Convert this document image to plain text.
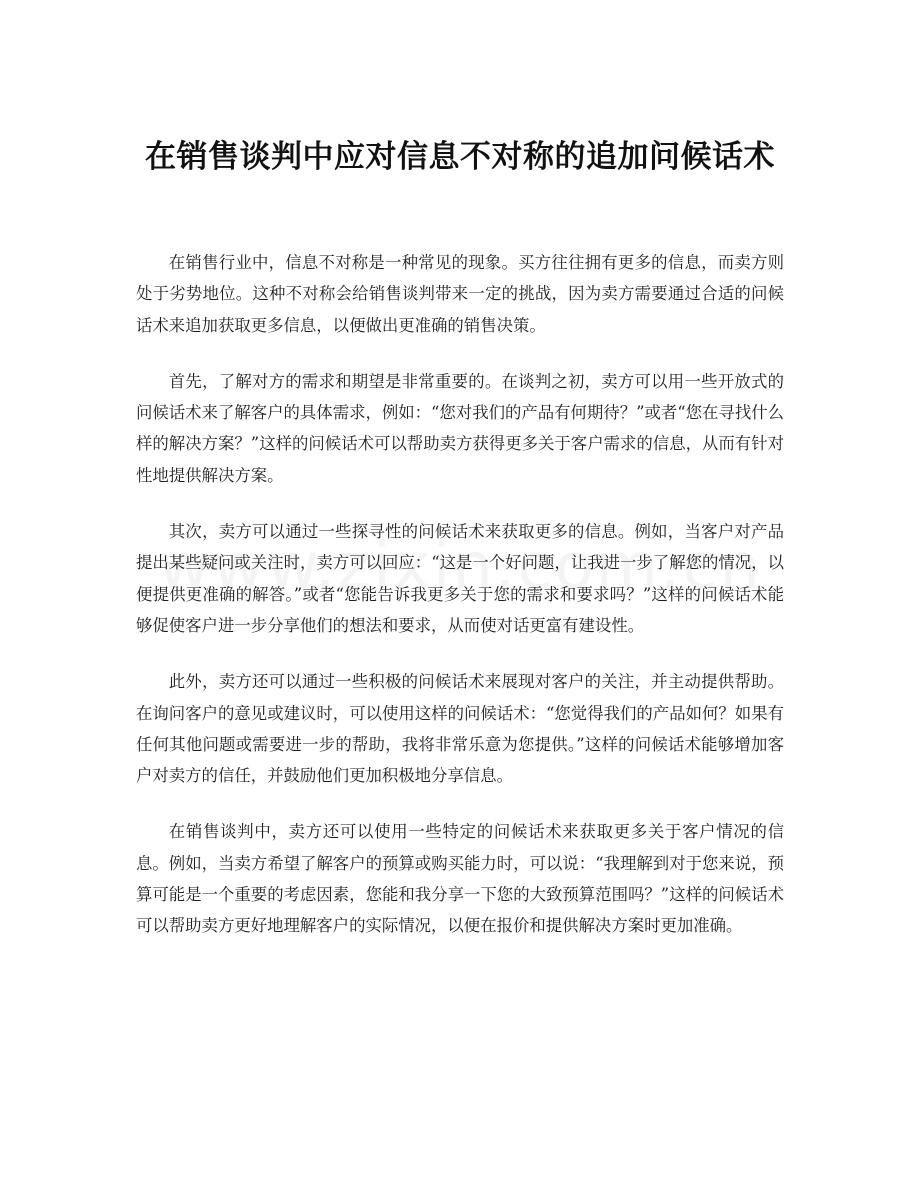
在销售谈判中应对信息不对称的追加问候话术

在销售行业中，信息不对称是一种常见的现象。买方往往拥有更多的信息，而卖方则处于劣势地位。这种不对称会给销售谈判带来一定的挑战，因为卖方需要通过合适的问候话术来追加获取更多信息，以便做出更准确的销售决策。

首先，了解对方的需求和期望是非常重要的。在谈判之初，卖方可以用一些开放式的问候话术来了解客户的具体需求，例如：“您对我们的产品有何期待？”或者“您在寻找什么样的解决方案？”这样的问候话术可以帮助卖方获得更多关于客户需求的信息，从而有针对性地提供解决方案。

其次，卖方可以通过一些探寻性的问候话术来获取更多的信息。例如，当客户对产品提出某些疑问或关注时，卖方可以回应：“这是一个好问题，让我进一步了解您的情况，以便提供更准确的解答。”或者“您能告诉我更多关于您的需求和要求吗？”这样的问候话术能够促使客户进一步分享他们的想法和要求，从而使对话更富有建设性。

此外，卖方还可以通过一些积极的问候话术来展现对客户的关注，并主动提供帮助。在询问客户的意见或建议时，可以使用这样的问候话术：“您觉得我们的产品如何？如果有任何其他问题或需要进一步的帮助，我将非常乐意为您提供。”这样的问候话术能够增加客户对卖方的信任，并鼓励他们更加积极地分享信息。

在销售谈判中，卖方还可以使用一些特定的问候话术来获取更多关于客户情况的信息。例如，当卖方希望了解客户的预算或购买能力时，可以说：“我理解到对于您来说，预算可能是一个重要的考虑因素，您能和我分享一下您的大致预算范围吗？”这样的问候话术可以帮助卖方更好地理解客户的实际情况，以便在报价和提供解决方案时更加准确。
